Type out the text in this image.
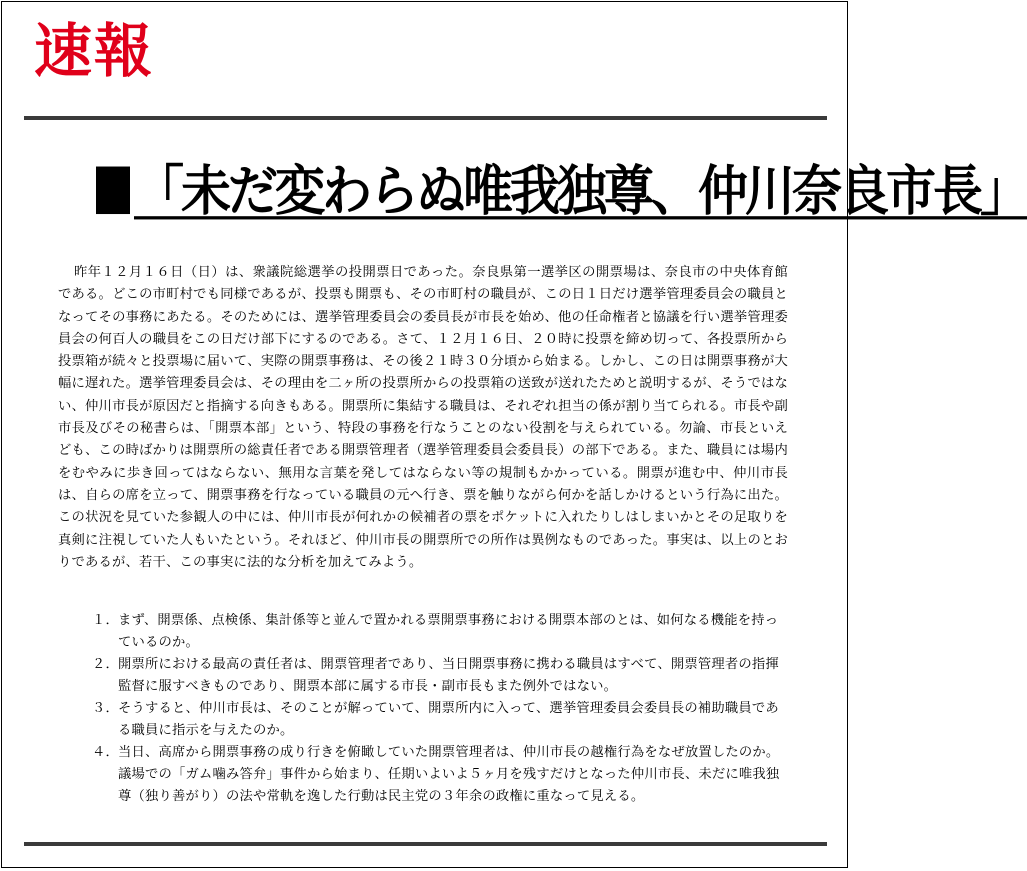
速報
「未だ変わらぬ唯我独尊、仲川奈良市長」
昨年１２月１６日（日）は、衆議院総選挙の投開票日であった。奈良県第一選挙区の開票場は、奈良市の中央体育館である。どこの市町村でも同様であるが、投票も開票も、その市町村の職員が、この日１日だけ選挙管理委員会の職員となってその事務にあたる。そのためには、選挙管理委員会の委員長が市長を始め、他の任命権者と協議を行い選挙管理委員会の何百人の職員をこの日だけ部下にするのである。さて、１２月１６日、２０時に投票を締め切って、各投票所から投票箱が続々と投票場に届いて、実際の開票事務は、その後２１時３０分頃から始まる。しかし、この日は開票事務が大幅に遅れた。選挙管理委員会は、その理由を二ヶ所の投票所からの投票箱の送致が送れたためと説明するが、そうではない、仲川市長が原因だと指摘する向きもある。開票所に集結する職員は、それぞれ担当の係が割り当てられる。市長や副市長及びその秘書らは、「開票本部」という、特段の事務を行なうことのない役割を与えられている。勿論、市長といえども、この時ばかりは開票所の総責任者である開票管理者（選挙管理委員会委員長）の部下である。また、職員には場内をむやみに歩き回ってはならない、無用な言葉を発してはならない等の規制もかかっている。開票が進む中、仲川市長は、自らの席を立って、開票事務を行なっている職員の元へ行き、票を触りながら何かを話しかけるという行為に出た。この状況を見ていた参観人の中には、仲川市長が何れかの候補者の票をポケットに入れたりしはしまいかとその足取りを真剣に注視していた人もいたという。それほど、仲川市長の開票所での所作は異例なものであった。事実は、以上のとおりであるが、若干、この事実に法的な分析を加えてみよう。
１． まず、開票係、点検係、集計係等と並んで置かれる票開票事務における開票本部のとは、如何なる機能を持っているのか。
２． 開票所における最高の責任者は、開票管理者であり、当日開票事務に携わる職員はすべて、開票管理者の指揮監督に服すべきものであり、開票本部に属する市長・副市長もまた例外ではない。
３． そうすると、仲川市長は、そのことが解っていて、開票所内に入って、選挙管理委員会委員長の補助職員である職員に指示を与えたのか。
４． 当日、高席から開票事務の成り行きを俯瞰していた開票管理者は、仲川市長の越権行為をなぜ放置したのか。議場での「ガム噛み答弁」事件から始まり、任期いよいよ５ヶ月を残すだけとなった仲川市長、未だに唯我独尊（独り善がり）の法や常軌を逸した行動は民主党の３年余の政権に重なって見える。
